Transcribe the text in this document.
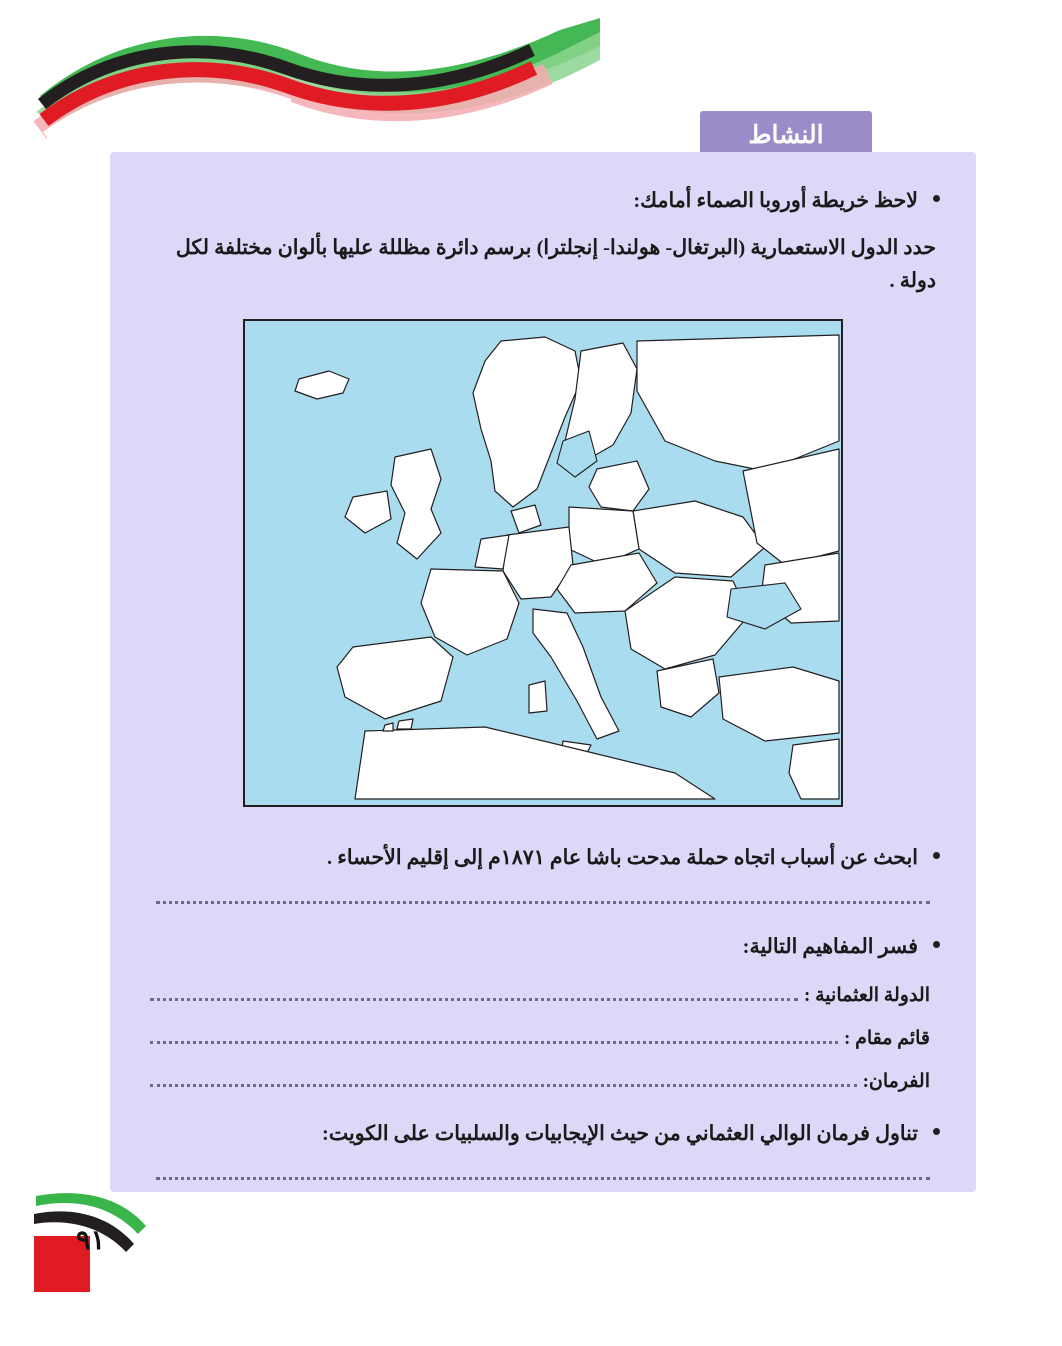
النشاط
لاحظ خريطة أوروبا الصماء أمامك:
حدد الدول الاستعمارية (البرتغال- هولندا- إنجلترا) برسم دائرة مظللة عليها بألوان مختلفة لكل دولة .
ابحث عن أسباب اتجاه حملة مدحت باشا عام ١٨٧١م إلى إقليم الأحساء .
فسر المفاهيم التالية:
الدولة العثمانية :
قائم مقام :
الفرمان:
تناول فرمان الوالي العثماني من حيث الإيجابيات والسلبيات على الكويت:
٩١
